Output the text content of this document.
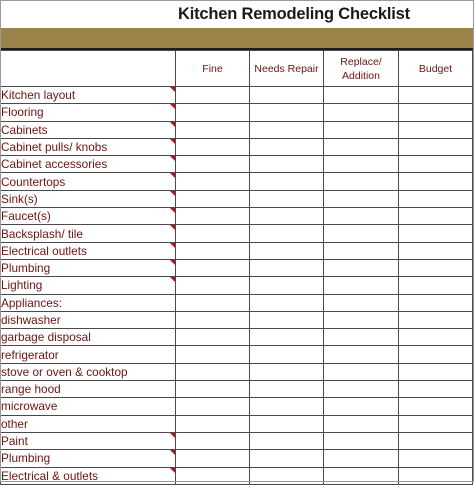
Kitchen Remodeling Checklist
	Fine	Needs Repair	Replace/ Addition	Budget
Kitchen layout				
Flooring				
Cabinets				
Cabinet pulls/ knobs				
Cabinet accessories				
Countertops				
Sink(s)				
Faucet(s)				
Backsplash/ tile				
Electrical outlets				
Plumbing				
Lighting				
Appliances:				
dishwasher				
garbage disposal				
refrigerator				
stove or oven & cooktop				
range hood				
microwave				
other				
Paint				
Plumbing				
Electrical & outlets				
